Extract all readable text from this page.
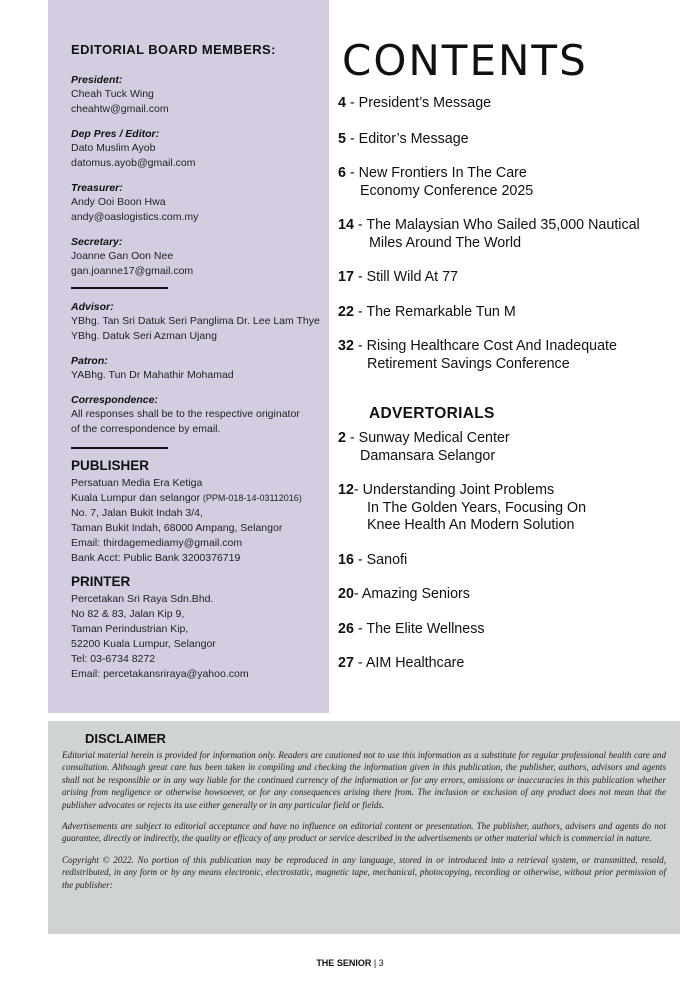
EDITORIAL BOARD MEMBERS:

President:

Cheah Tuck Wing

cheahtw@gmail.com

Dep Pres / Editor:

Dato Muslim Ayob

datomus.ayob@gmail.com

Treasurer:

Andy Ooi Boon Hwa

andy@oaslogistics.com.my

Secretary:

Joanne Gan Oon Nee

gan.joanne17@gmail.com

Advisor:

YBhg. Tan Sri Datuk Seri Panglima Dr. Lee Lam Thye

YBhg. Datuk Seri Azman Ujang

Patron:

YABhg. Tun Dr Mahathir Mohamad

Correspondence:

All responses shall be to the respective originator

of the correspondence by email.

PUBLISHER

Persatuan Media Era Ketiga

Kuala Lumpur dan selangor (PPM-018-14-03112016)

No. 7, Jalan Bukit Indah 3/4,

Taman Bukit Indah, 68000 Ampang, Selangor

Email: thirdagemediamy@gmail.com

Bank Acct: Public Bank 3200376719

PRINTER

Percetakan Sri Raya Sdn.Bhd.

No 82 & 83, Jalan Kip 9,

Taman Perindustrian Kip,

52200 Kuala Lumpur, Selangor

Tel: 03-6734 8272

Email: percetakansriraya@yahoo.com

CONTENTS

4 - President’s Message

5 - Editor’s Message

6 - New Frontiers In The Care
Economy Conference 2025

14 - The Malaysian Who Sailed 35,000 Nautical
Miles Around The World

17 - Still Wild At 77

22 - The Remarkable Tun M

32 - Rising Healthcare Cost And Inadequate
Retirement Savings Conference

ADVERTORIALS

2 - Sunway Medical Center
Damansara Selangor

12- Understanding Joint Problems
In The Golden Years, Focusing On
Knee Health An Modern Solution

16 - Sanofi

20- Amazing Seniors

26 - The Elite Wellness

27 - AIM Healthcare

DISCLAIMER

Editorial material herein is provided for information only. Readers are cautioned not to use this information as a substitute for regular professional health care and consultation. Although great care has been taken in compiling and checking the information given in this publication, the publisher, authors, advisors and agents shall not be responsible or in any way liable for the continued currency of the information or for any errors, omissions or inaccuracies in this publication whether arising from negligence or otherwise howsoever, or for any consequences arising there from. The inclusion or exclusion of any product does not mean that the publisher advocates or rejects its use either generally or in any particular field or fields.

Advertisements are subject to editorial acceptance and have no influence on editorial content or presentation. The publisher, authors, advisers and agents do not guarantee, directly or indirectly, the quality or efficacy of any product or service described in the advertisements or other material which is commercial in nature.

Copyright © 2022. No portion of this publication may be reproduced in any language, stored in or introduced into a retrieval system, or transmitted, resold, redistributed, in any form or by any means electronic, electrostatic, magnetic tape, mechanical, photocopying, recording or otherwise, without prior permission of the publisher:

THE SENIOR | 3
